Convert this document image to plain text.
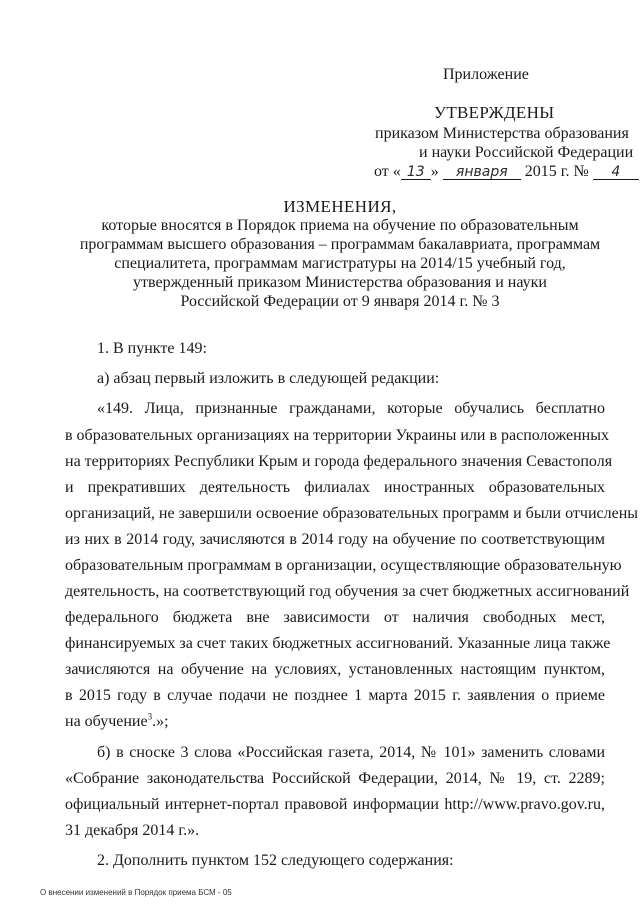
Приложение
УТВЕРЖДЕНЫ
приказом Министерства образования
и науки Российской Федерации
от « 13 » января 2015 г. № 4
ИЗМЕНЕНИЯ,
которые вносятся в Порядок приема на обучение по образовательным
программам высшего образования – программам бакалавриата, программам
специалитета, программам магистратуры на 2014/15 учебный год,
утвержденный приказом Министерства образования и науки
Российской Федерации от 9 января 2014 г. № 3
1. В пункте 149:
а) абзац первый изложить в следующей редакции:
«149. Лица, признанные гражданами, которые обучались бесплатно
в образовательных организациях на территории Украины или в расположенных
на территориях Республики Крым и города федерального значения Севастополя
и прекративших деятельность филиалах иностранных образовательных
организаций, не завершили освоение образовательных программ и были отчислены
из них в 2014 году, зачисляются в 2014 году на обучение по соответствующим
образовательным программам в организации, осуществляющие образовательную
деятельность, на соответствующий год обучения за счет бюджетных ассигнований
федерального бюджета вне зависимости от наличия свободных мест,
финансируемых за счет таких бюджетных ассигнований. Указанные лица также
зачисляются на обучение на условиях, установленных настоящим пунктом,
в 2015 году в случае подачи не позднее 1 марта 2015 г. заявления о приеме
на обучение$^3$.»;
б) в сноске 3 слова «Российская газета, 2014, № 101» заменить словами
«Собрание законодательства Российской Федерации, 2014, № 19, ст. 2289;
официальный интернет-портал правовой информации http://www.pravo.gov.ru,
31 декабря 2014 г.».
2. Дополнить пунктом 152 следующего содержания:
О внесении изменений в Порядок приема БСМ - 05
